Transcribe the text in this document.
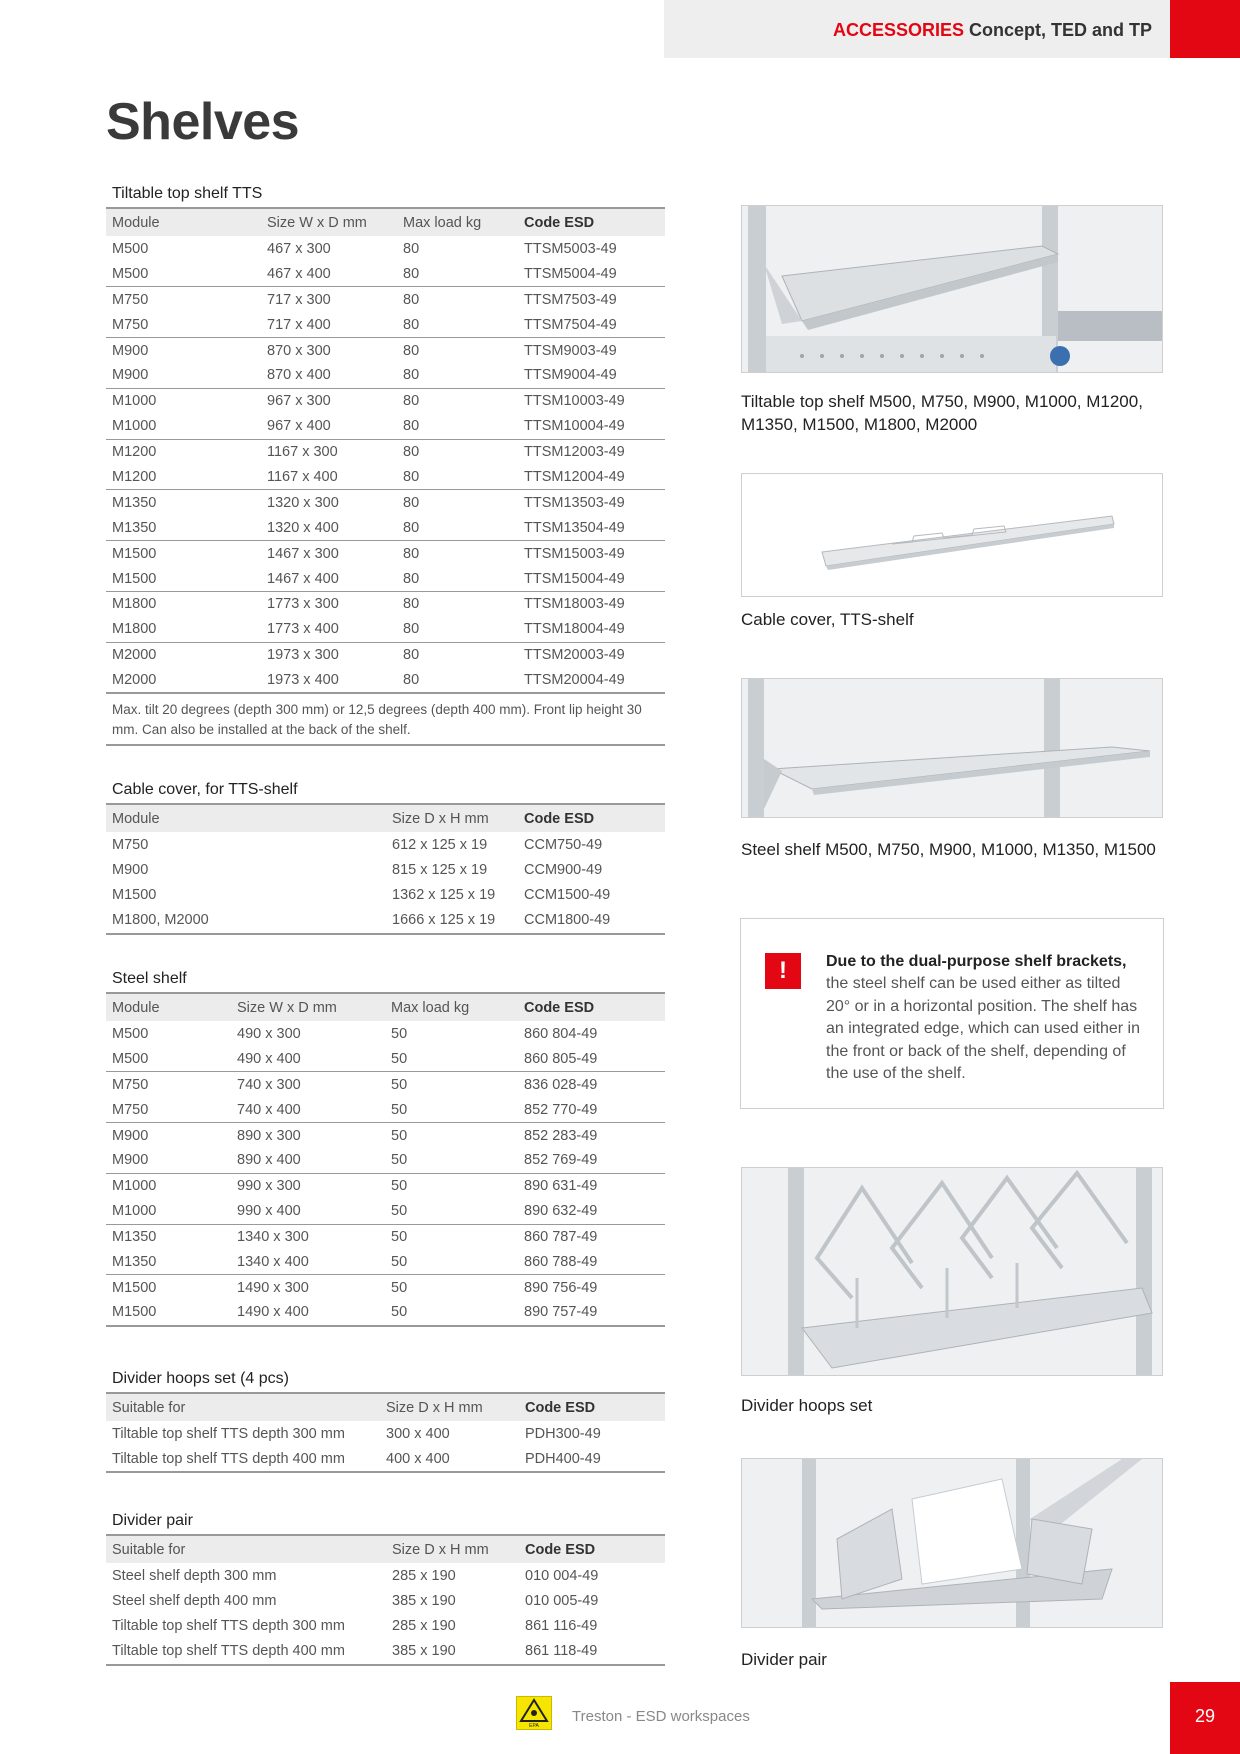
ACCESSORIES Concept, TED and TP
Shelves
Tiltable top shelf TTS
Module	Size W x D mm	Max load kg	Code ESD
M500	467 x 300	80	TTSM5003-49
M500	467 x 400	80	TTSM5004-49
M750	717 x 300	80	TTSM7503-49
M750	717 x 400	80	TTSM7504-49
M900	870 x 300	80	TTSM9003-49
M900	870 x 400	80	TTSM9004-49
M1000	967 x 300	80	TTSM10003-49
M1000	967 x 400	80	TTSM10004-49
M1200	1167 x 300	80	TTSM12003-49
M1200	1167 x 400	80	TTSM12004-49
M1350	1320 x 300	80	TTSM13503-49
M1350	1320 x 400	80	TTSM13504-49
M1500	1467 x 300	80	TTSM15003-49
M1500	1467 x 400	80	TTSM15004-49
M1800	1773 x 300	80	TTSM18003-49
M1800	1773 x 400	80	TTSM18004-49
M2000	1973 x 300	80	TTSM20003-49
M2000	1973 x 400	80	TTSM20004-49
Max. tilt 20 degrees (depth 300 mm) or 12,5 degrees (depth 400 mm). Front lip height 30 mm. Can also be installed at the back of the shelf.
Cable cover, for TTS-shelf
Module	Size D x H mm	Code ESD
M750	612 x 125 x 19	CCM750-49
M900	815 x 125 x 19	CCM900-49
M1500	1362 x 125 x 19	CCM1500-49
M1800, M2000	1666 x 125 x 19	CCM1800-49
Steel shelf
Module	Size W x D mm	Max load kg	Code ESD
M500	490 x 300	50	860 804-49
M500	490 x 400	50	860 805-49
M750	740 x 300	50	836 028-49
M750	740 x 400	50	852 770-49
M900	890 x 300	50	852 283-49
M900	890 x 400	50	852 769-49
M1000	990 x 300	50	890 631-49
M1000	990 x 400	50	890 632-49
M1350	1340 x 300	50	860 787-49
M1350	1340 x 400	50	860 788-49
M1500	1490 x 300	50	890 756-49
M1500	1490 x 400	50	890 757-49
Divider hoops set (4 pcs)
Suitable for	Size D x H mm	Code ESD
Tiltable top shelf TTS depth 300 mm	300 x 400	PDH300-49
Tiltable top shelf TTS depth 400 mm	400 x 400	PDH400-49
Divider pair
Suitable for	Size D x H mm	Code ESD
Steel shelf depth 300 mm	285 x 190	010 004-49
Steel shelf depth 400 mm	385 x 190	010 005-49
Tiltable top shelf TTS depth 300 mm	285 x 190	861 116-49
Tiltable top shelf TTS depth 400 mm	385 x 190	861 118-49
Tiltable top shelf M500, M750, M900, M1000, M1200, M1350, M1500, M1800, M2000
Cable cover, TTS-shelf
Steel shelf M500, M750, M900, M1000, M1350, M1500
!	Due to the dual-purpose shelf brackets, the steel shelf can be used either as tilted 20° or in a horizontal position. The shelf has an integrated edge, which can used either in the front or back of the shelf, depending of the use of the shelf.
Divider hoops set
Divider pair
EPA
Treston - ESD workspaces	29
